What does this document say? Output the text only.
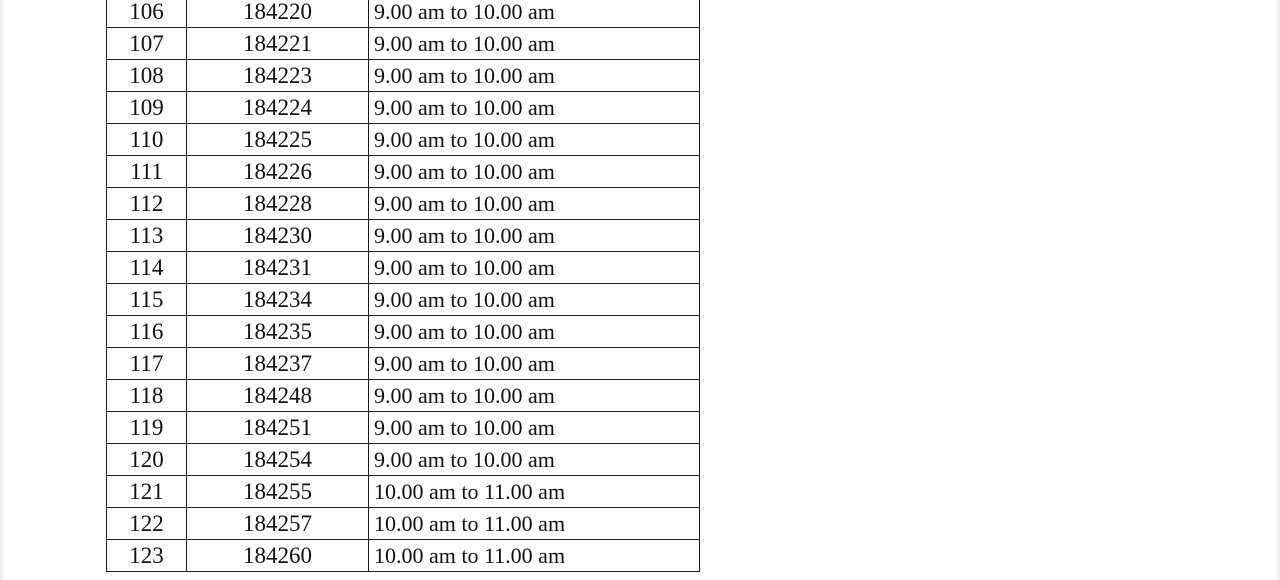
106	184220	9.00 am to 10.00 am
107	184221	9.00 am to 10.00 am
108	184223	9.00 am to 10.00 am
109	184224	9.00 am to 10.00 am
110	184225	9.00 am to 10.00 am
111	184226	9.00 am to 10.00 am
112	184228	9.00 am to 10.00 am
113	184230	9.00 am to 10.00 am
114	184231	9.00 am to 10.00 am
115	184234	9.00 am to 10.00 am
116	184235	9.00 am to 10.00 am
117	184237	9.00 am to 10.00 am
118	184248	9.00 am to 10.00 am
119	184251	9.00 am to 10.00 am
120	184254	9.00 am to 10.00 am
121	184255	10.00 am to 11.00 am
122	184257	10.00 am to 11.00 am
123	184260	10.00 am to 11.00 am
